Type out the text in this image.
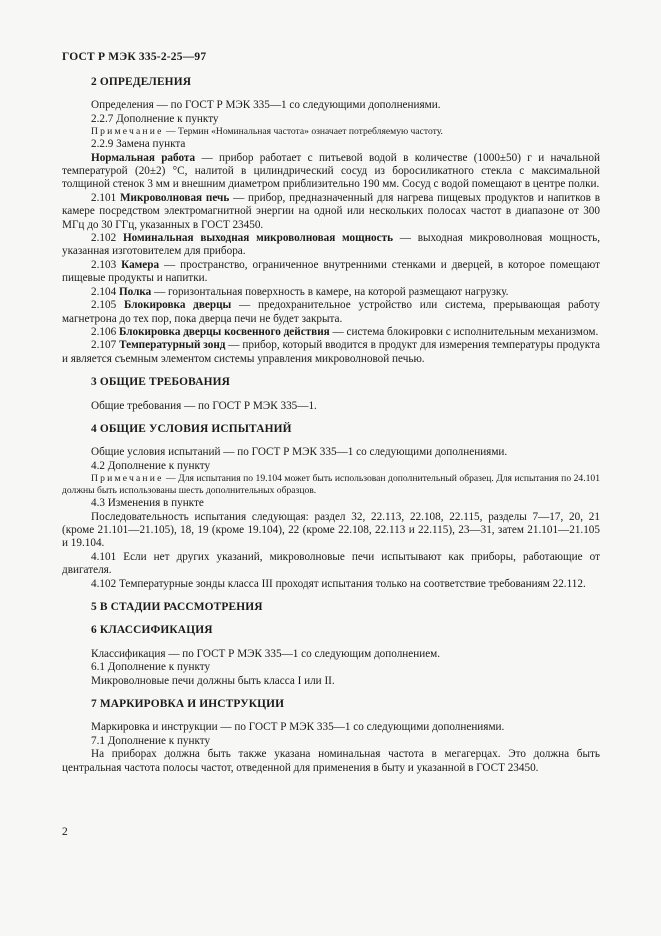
ГОСТ Р МЭК 335-2-25—97
2 ОПРЕДЕЛЕНИЯ

Определения — по ГОСТ Р МЭК 335—1 со следующими дополнениями.

2.2.7 Дополнение к пункту

Примечание — Термин «Номинальная частота» означает потребляемую частоту.

2.2.9 Замена пункта

Нормальная работа — прибор работает с питьевой водой в количестве (1000±50) г и начальной температурой (20±2) °С, налитой в цилиндрический сосуд из боросиликатного стекла с максимальной толщиной стенок 3 мм и внешним диаметром приблизительно 190 мм. Сосуд с водой помещают в центре полки.

2.101 Микроволновая печь — прибор, предназначенный для нагрева пищевых продуктов и напитков в камере посредством электромагнитной энергии на одной или нескольких полосах частот в диапазоне от 300 МГц до 30 ГГц, указанных в ГОСТ 23450.

2.102 Номинальная выходная микроволновая мощность — выходная микроволновая мощность, указанная изготовителем для прибора.

2.103 Камера — пространство, ограниченное внутренними стенками и дверцей, в которое помещают пищевые продукты и напитки.

2.104 Полка — горизонтальная поверхность в камере, на которой размещают нагрузку.

2.105 Блокировка дверцы — предохранительное устройство или система, прерывающая работу магнетрона до тех пор, пока дверца печи не будет закрыта.

2.106 Блокировка дверцы косвенного действия — система блокировки с исполнительным механизмом.

2.107 Температурный зонд — прибор, который вводится в продукт для измерения температуры продукта и является съемным элементом системы управления микроволновой печью.

3 ОБЩИЕ ТРЕБОВАНИЯ

Общие требования — по ГОСТ Р МЭК 335—1.

4 ОБЩИЕ УСЛОВИЯ ИСПЫТАНИЙ

Общие условия испытаний — по ГОСТ Р МЭК 335—1 со следующими дополнениями.

4.2 Дополнение к пункту

Примечание — Для испытания по 19.104 может быть использован дополнительный образец. Для испытания по 24.101 должны быть использованы шесть дополнительных образцов.

4.3 Изменения в пункте

Последовательность испытания следующая: раздел 32, 22.113, 22.108, 22.115, разделы 7—17, 20, 21 (кроме 21.101—21.105), 18, 19 (кроме 19.104), 22 (кроме 22.108, 22.113 и 22.115), 23—31, затем 21.101—21.105 и 19.104.

4.101 Если нет других указаний, микроволновые печи испытывают как приборы, работающие от двигателя.

4.102 Температурные зонды класса III проходят испытания только на соответствие требованиям 22.112.

5 В СТАДИИ РАССМОТРЕНИЯ
6 КЛАССИФИКАЦИЯ

Классификация — по ГОСТ Р МЭК 335—1 со следующим дополнением.

6.1 Дополнение к пункту

Микроволновые печи должны быть класса I или II.

7 МАРКИРОВКА И ИНСТРУКЦИИ

Маркировка и инструкции — по ГОСТ Р МЭК 335—1 со следующими дополнениями.

7.1 Дополнение к пункту

На приборах должна быть также указана номинальная частота в мегагерцах. Это должна быть центральная частота полосы частот, отведенной для применения в быту и указанной в ГОСТ 23450.

2
